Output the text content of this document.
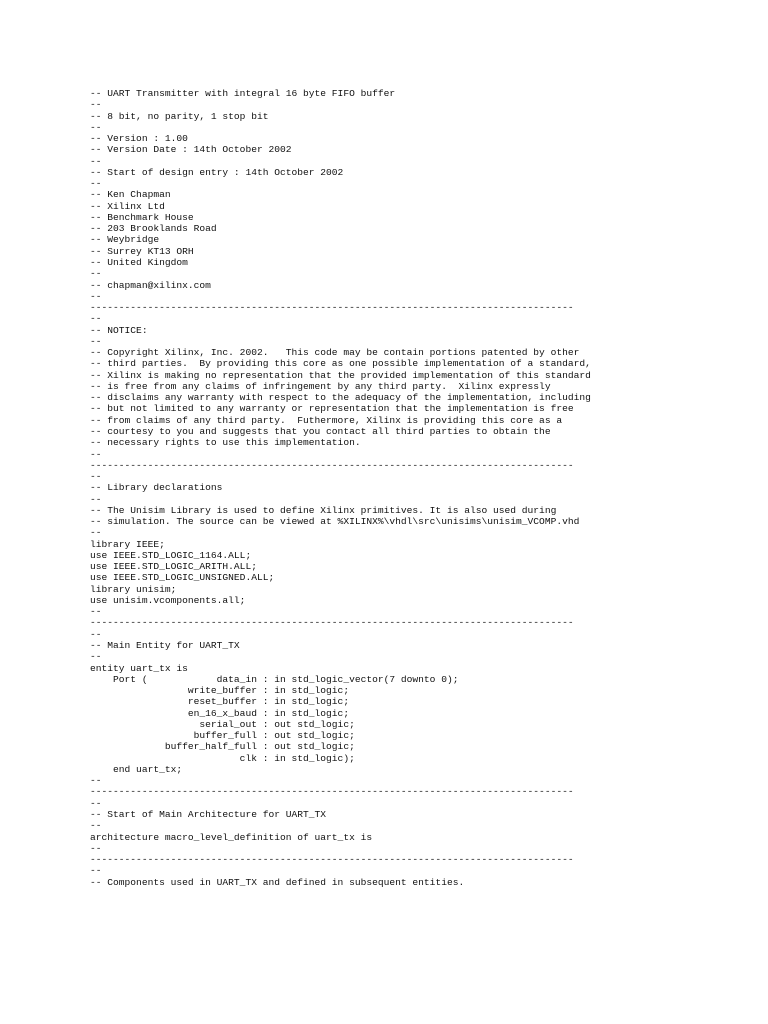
-- UART Transmitter with integral 16 byte FIFO buffer
--
-- 8 bit, no parity, 1 stop bit
--
-- Version : 1.00
-- Version Date : 14th October 2002
--
-- Start of design entry : 14th October 2002
--
-- Ken Chapman
-- Xilinx Ltd
-- Benchmark House
-- 203 Brooklands Road
-- Weybridge
-- Surrey KT13 ORH
-- United Kingdom
--
-- chapman@xilinx.com
--
------------------------------------------------------------------------------------
--
-- NOTICE:
--
-- Copyright Xilinx, Inc. 2002.   This code may be contain portions patented by other
-- third parties.  By providing this core as one possible implementation of a standard,
-- Xilinx is making no representation that the provided implementation of this standard
-- is free from any claims of infringement by any third party.  Xilinx expressly
-- disclaims any warranty with respect to the adequacy of the implementation, including
-- but not limited to any warranty or representation that the implementation is free
-- from claims of any third party.  Futhermore, Xilinx is providing this core as a
-- courtesy to you and suggests that you contact all third parties to obtain the
-- necessary rights to use this implementation.
--
------------------------------------------------------------------------------------
--
-- Library declarations
--
-- The Unisim Library is used to define Xilinx primitives. It is also used during
-- simulation. The source can be viewed at %XILINX%\vhdl\src\unisims\unisim_VCOMP.vhd
--
library IEEE;
use IEEE.STD_LOGIC_1164.ALL;
use IEEE.STD_LOGIC_ARITH.ALL;
use IEEE.STD_LOGIC_UNSIGNED.ALL;
library unisim;
use unisim.vcomponents.all;
--
------------------------------------------------------------------------------------
--
-- Main Entity for UART_TX
--
entity uart_tx is
Port (            data_in : in std_logic_vector(7 downto 0);
write_buffer : in std_logic;
reset_buffer : in std_logic;
en_16_x_baud : in std_logic;
serial_out : out std_logic;
buffer_full : out std_logic;
buffer_half_full : out std_logic;
clk : in std_logic);
end uart_tx;
--
------------------------------------------------------------------------------------
--
-- Start of Main Architecture for UART_TX
--
architecture macro_level_definition of uart_tx is
--
------------------------------------------------------------------------------------
--
-- Components used in UART_TX and defined in subsequent entities.
